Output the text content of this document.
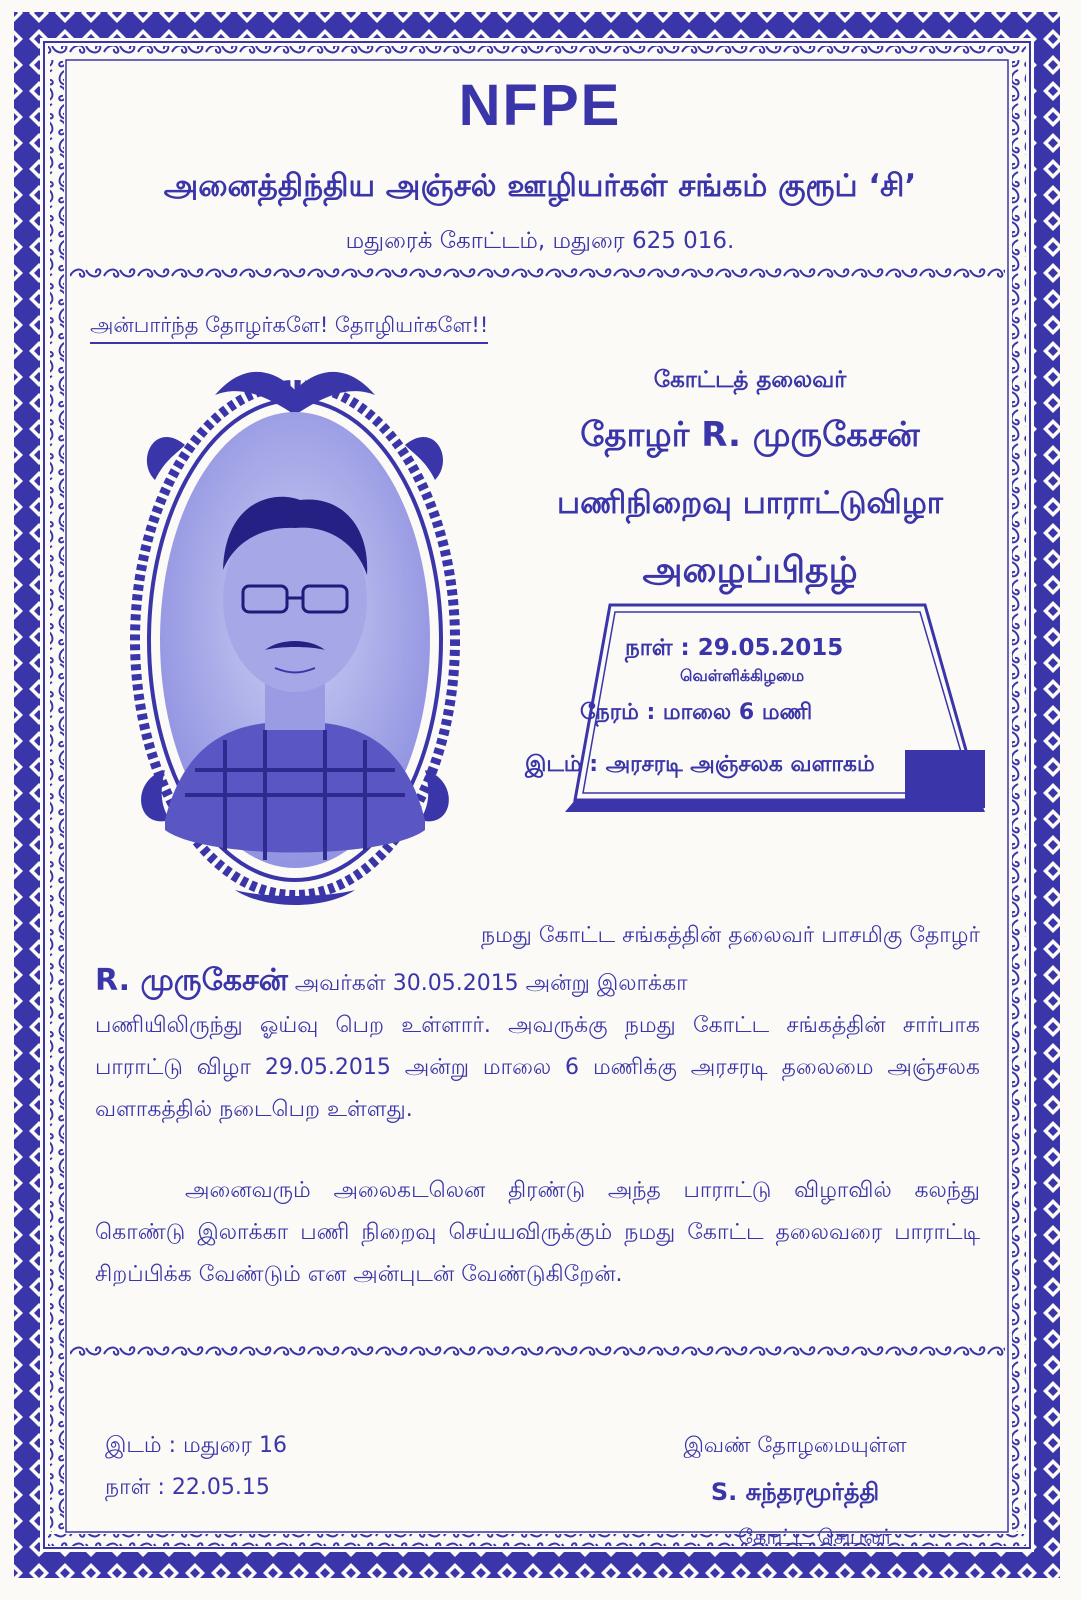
NFPE
அனைத்திந்திய அஞ்சல் ஊழியர்கள் சங்கம் குரூப் ‘சி’
மதுரைக் கோட்டம், மதுரை 625 016.
அன்பார்ந்த தோழர்களே! தோழியர்களே!!
கோட்டத் தலைவர்
தோழர் R. முருகேசன்
பணிநிறைவு பாராட்டுவிழா
அழைப்பிதழ்
நாள் : 29.05.2015
வெள்ளிக்கிழமை
நேரம் : மாலை 6 மணி
இடம் : அரசரடி அஞ்சலக வளாகம்
நமது கோட்ட சங்கத்தின் தலைவர் பாசமிகு தோழர்
R. முருகேசன் அவர்கள் 30.05.2015 அன்று இலாக்கா
பணியிலிருந்து ஓய்வு பெற உள்ளார். அவருக்கு நமது கோட்ட சங்கத்தின் சார்பாக பாராட்டு விழா 29.05.2015 அன்று மாலை 6 மணிக்கு அரசரடி தலைமை அஞ்சலக வளாகத்தில் நடைபெற உள்ளது.
அனைவரும் அலைகடலென திரண்டு அந்த பாராட்டு விழாவில் கலந்து கொண்டு இலாக்கா பணி நிறைவு செய்யவிருக்கும் நமது கோட்ட தலைவரை பாராட்டி சிறப்பிக்க வேண்டும் என அன்புடன் வேண்டுகிறேன்.
இடம் : மதுரை 16
நாள் : 22.05.15
இவண் தோழமையுள்ள
S. சுந்தரமூர்த்தி
கோட்ட செயலர்
